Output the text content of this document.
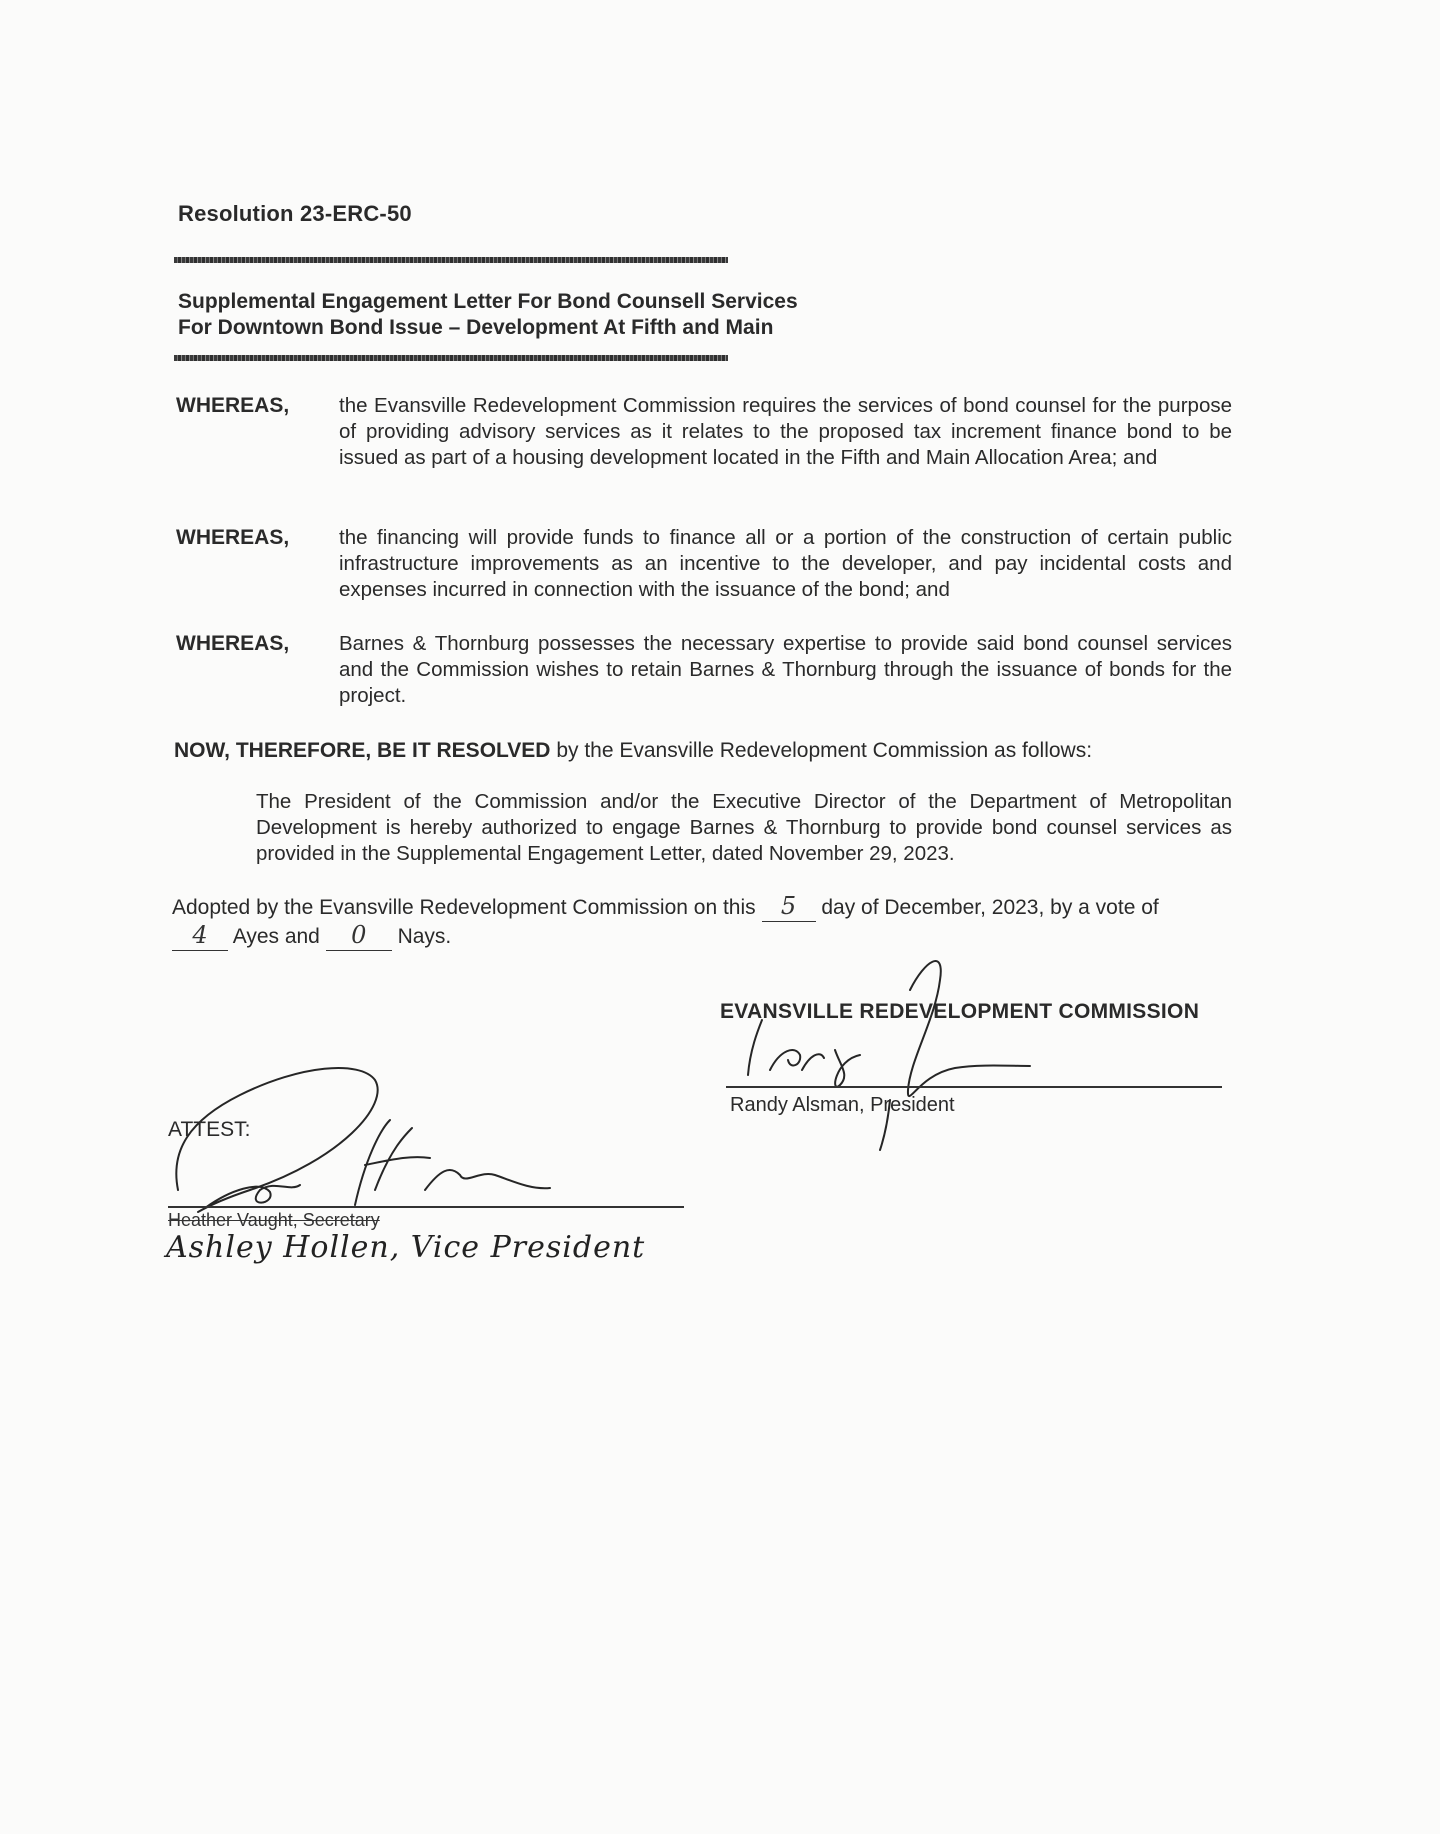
Resolution 23-ERC-50
Supplemental Engagement Letter For Bond Counsell Services
For Downtown Bond Issue – Development At Fifth and Main
WHEREAS, the Evansville Redevelopment Commission requires the services of bond counsel for the purpose of providing advisory services as it relates to the proposed tax increment finance bond to be issued as part of a housing development located in the Fifth and Main Allocation Area; and
WHEREAS, the financing will provide funds to finance all or a portion of the construction of certain public infrastructure improvements as an incentive to the developer, and pay incidental costs and expenses incurred in connection with the issuance of the bond; and
WHEREAS, Barnes & Thornburg possesses the necessary expertise to provide said bond counsel services and the Commission wishes to retain Barnes & Thornburg through the issuance of bonds for the project.
NOW, THEREFORE, BE IT RESOLVED by the Evansville Redevelopment Commission as follows:
The President of the Commission and/or the Executive Director of the Department of Metropolitan Development is hereby authorized to engage Barnes & Thornburg to provide bond counsel services as provided in the Supplemental Engagement Letter, dated November 29, 2023.
Adopted by the Evansville Redevelopment Commission on this 5 day of December, 2023, by a vote of
4 Ayes and 0 Nays.
EVANSVILLE REDEVELOPMENT COMMISSION
Randy Alsman, President
ATTEST:
Heather Vaught, Secretary
Ashley Hollen, Vice President
